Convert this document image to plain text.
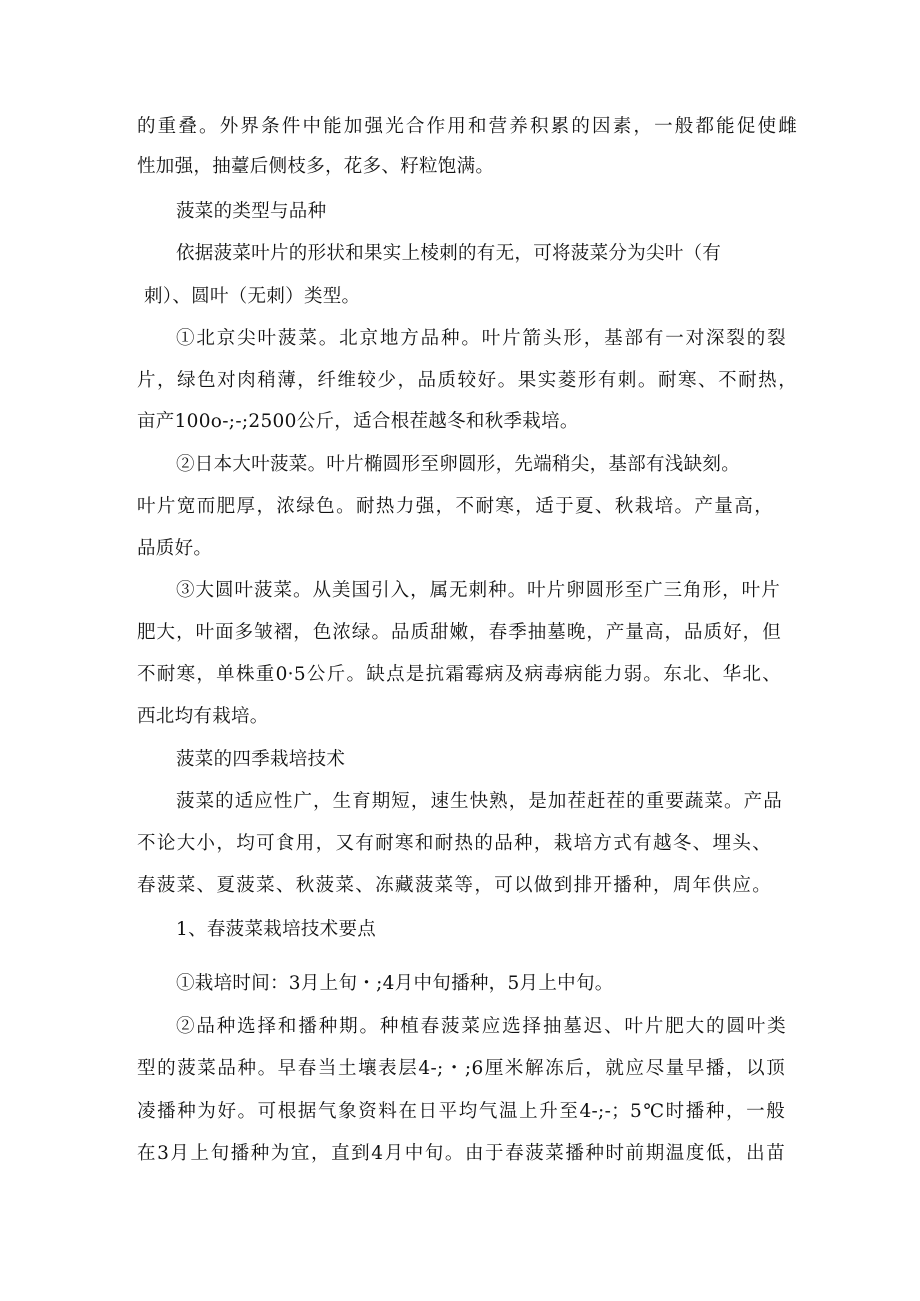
的重叠。外界条件中能加强光合作用和营养积累的因素，一般都能促使雌
性加强，抽薹后侧枝多，花多、籽粒饱满。
菠菜的类型与品种
依据菠菜叶片的形状和果实上棱刺的有无，可将菠菜分为尖叶（有
刺）、圆叶（无刺）类型。
①北京尖叶菠菜。北京地方品种。叶片箭头形，基部有一对深裂的裂
片，绿色对肉稍薄，纤维较少，品质较好。果实菱形有刺。耐寒、不耐热，
亩产100o-;-;2500公斤，适合根茬越冬和秋季栽培。
②日本大叶菠菜。叶片椭圆形至卵圆形，先端稍尖，基部有浅缺刻。
叶片宽而肥厚，浓绿色。耐热力强，不耐寒，适于夏、秋栽培。产量高，
品质好。
③大圆叶菠菜。从美国引入，属无刺种。叶片卵圆形至广三角形，叶片
肥大，叶面多皱褶，色浓绿。品质甜嫩，春季抽墓晚，产量高，品质好，但
不耐寒，单株重0·5公斤。缺点是抗霜霉病及病毒病能力弱。东北、华北、
西北均有栽培。
菠菜的四季栽培技术
菠菜的适应性广，生育期短，速生快熟，是加茬赶茬的重要蔬菜。产品
不论大小，均可食用，又有耐寒和耐热的品种，栽培方式有越冬、埋头、
春菠菜、夏菠菜、秋菠菜、冻藏菠菜等，可以做到排开播种，周年供应。
1、春菠菜栽培技术要点
①栽培时间：3月上旬・;4月中旬播种，5月上中旬。
②品种选择和播种期。种植春菠菜应选择抽墓迟、叶片肥大的圆叶类
型的菠菜品种。早春当土壤表层4-;・;6厘米解冻后，就应尽量早播，以顶
凌播种为好。可根据气象资料在日平均气温上升至4-;-；5℃时播种，一般
在3月上旬播种为宜，直到4月中旬。由于春菠菜播种时前期温度低，出苗
